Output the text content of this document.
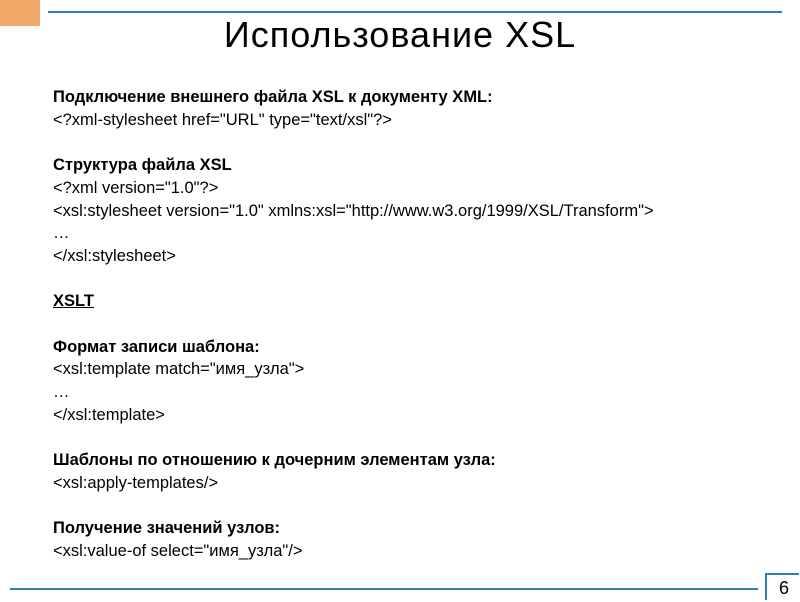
Использование XSL
Подключение внешнего файла XSL к документу XML:
<?xml-stylesheet href="URL" type="text/xsl"?>
Структура файла XSL
<?xml version="1.0"?>
<xsl:stylesheet version="1.0" xmlns:xsl="http://www.w3.org/1999/XSL/Transform">
…
</xsl:stylesheet>
XSLT
Формат записи шаблона:
<xsl:template match="имя_узла">
…
</xsl:template>
Шаблоны по отношению к дочерним элементам узла:
<xsl:apply-templates/>
Получение значений узлов:
<xsl:value-of select="имя_узла"/>
6
